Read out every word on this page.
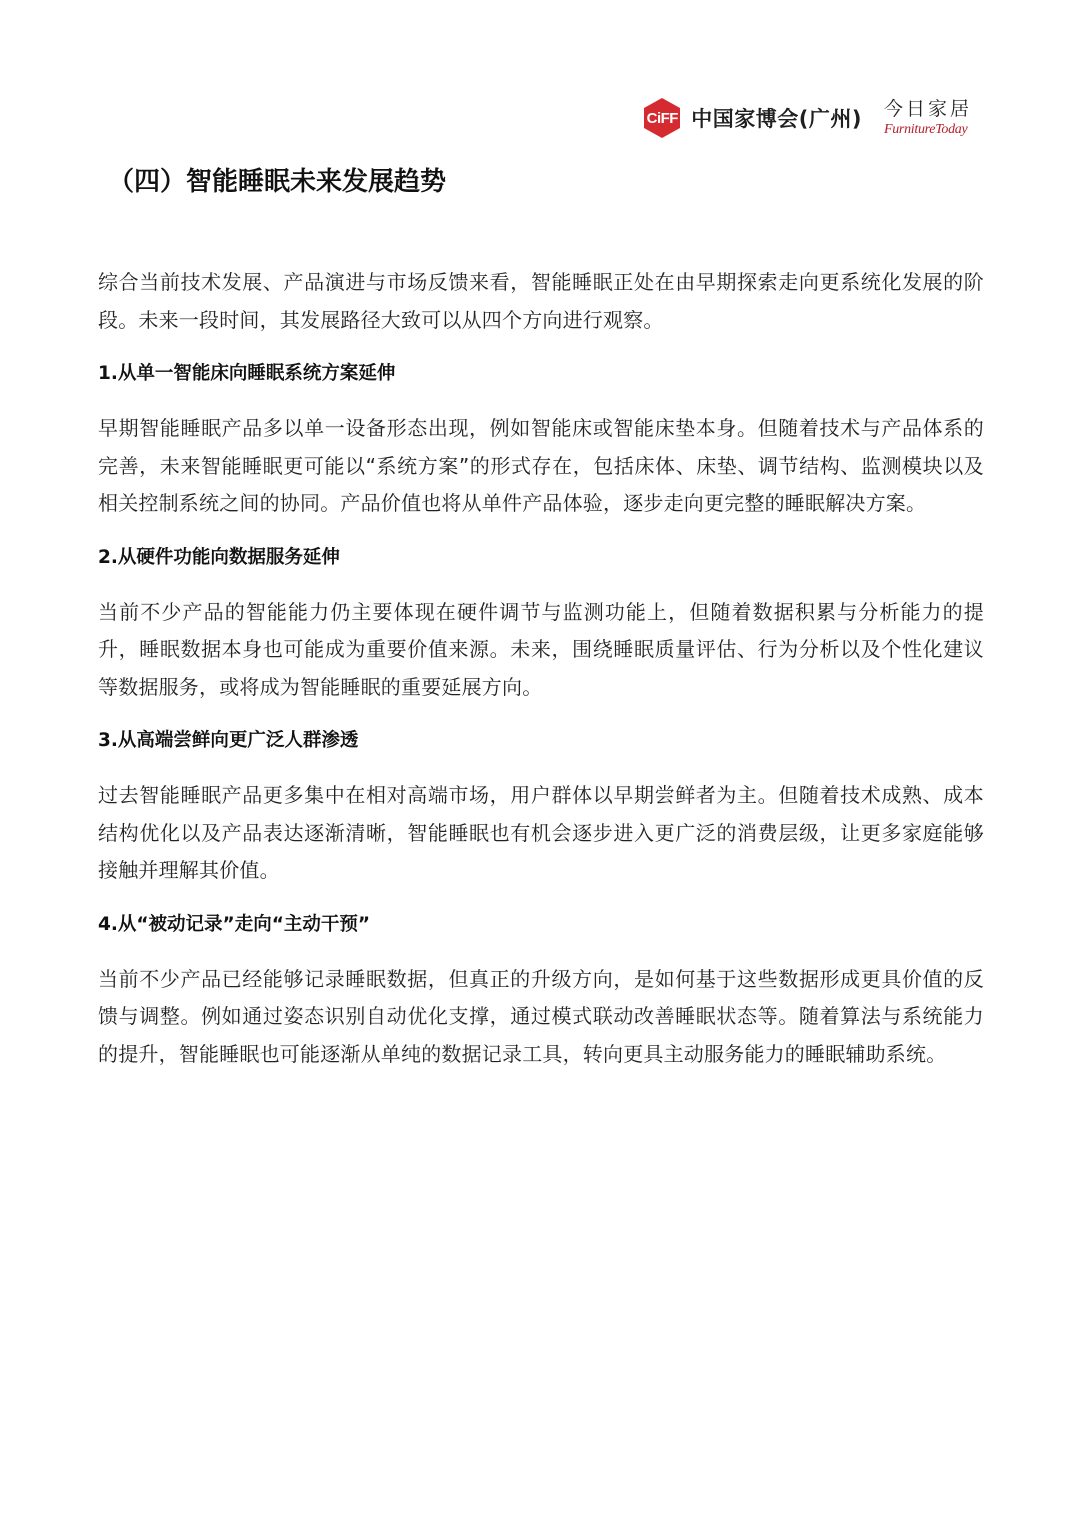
CiFF 中国家博会(广州) 今日家居
FurnitureToday
（四）智能睡眠未来发展趋势

综合当前技术发展、产品演进与市场反馈来看，智能睡眠正处在由早期探索走向更系统化发展的阶段。未来一段时间，其发展路径大致可以从四个方向进行观察。

1.从单一智能床向睡眠系统方案延伸

早期智能睡眠产品多以单一设备形态出现，例如智能床或智能床垫本身。但随着技术与产品体系的完善，未来智能睡眠更可能以“系统方案”的形式存在，包括床体、床垫、调节结构、监测模块以及相关控制系统之间的协同。产品价值也将从单件产品体验，逐步走向更完整的睡眠解决方案。

2.从硬件功能向数据服务延伸

当前不少产品的智能能力仍主要体现在硬件调节与监测功能上，但随着数据积累与分析能力的提升，睡眠数据本身也可能成为重要价值来源。未来，围绕睡眠质量评估、行为分析以及个性化建议等数据服务，或将成为智能睡眠的重要延展方向。

3.从高端尝鲜向更广泛人群渗透

过去智能睡眠产品更多集中在相对高端市场，用户群体以早期尝鲜者为主。但随着技术成熟、成本结构优化以及产品表达逐渐清晰，智能睡眠也有机会逐步进入更广泛的消费层级，让更多家庭能够接触并理解其价值。

4.从“被动记录”走向“主动干预”

当前不少产品已经能够记录睡眠数据，但真正的升级方向，是如何基于这些数据形成更具价值的反馈与调整。例如通过姿态识别自动优化支撑，通过模式联动改善睡眠状态等。随着算法与系统能力的提升，智能睡眠也可能逐渐从单纯的数据记录工具，转向更具主动服务能力的睡眠辅助系统。
